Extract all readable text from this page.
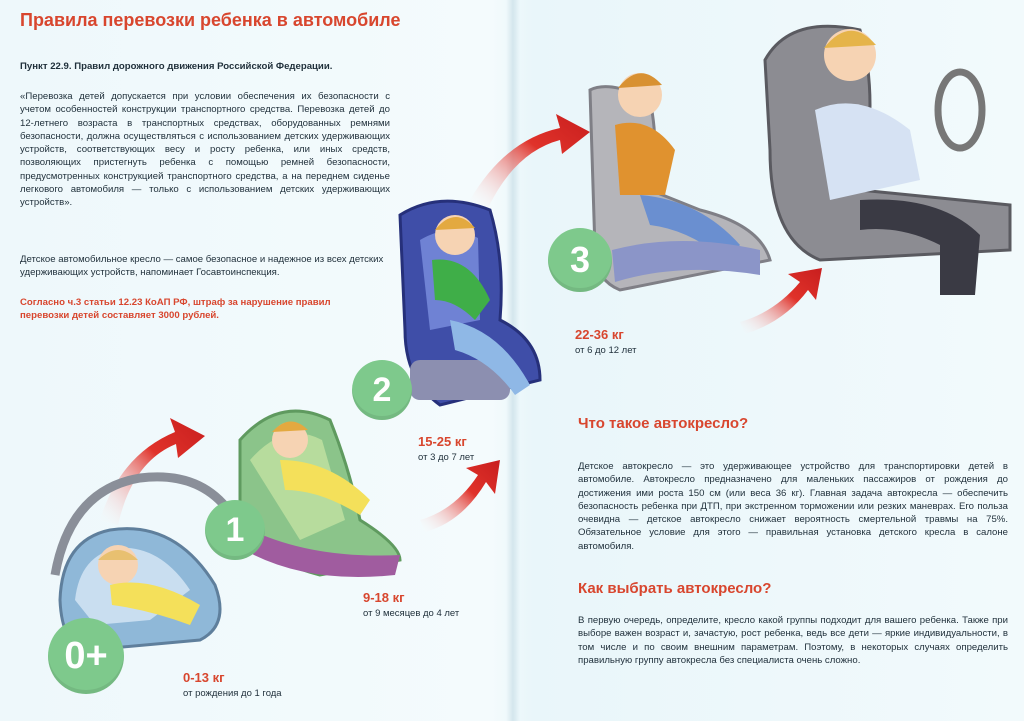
Правила перевозки ребенка в автомобиле

Пункт 22.9. Правил дорожного движения Российской Федерации.

«Перевозка детей допускается при условии обеспечения их безопасности с учетом особенностей конструкции транспортного средства. Перевозка детей до 12-летнего возраста в транспортных средствах, оборудованных ремнями безопасности, должна осуществляться с использованием детских удерживающих устройств, соответствующих весу и росту ребенка, или иных средств, позволяющих пристегнуть ребенка с помощью ремней безопасности, предусмотренных конструкцией транспортного средства, а на переднем сиденье легкового автомобиля — только с использованием детских удерживающих устройств».

Детское автомобильное кресло — самое безопасное и надежное из всех детских удерживающих устройств, напоминает Госавтоинспекция.

Согласно ч.3 статьи 12.23 КоАП РФ, штраф за нарушение правил перевозки детей составляет 3000 рублей.

0+
1
2
3
0-13 кг
от рождения до 1 года
9-18 кг
от 9 месяцев до 4 лет
15-25 кг
от 3 до 7 лет
22-36 кг
от 6 до 12 лет
Что такое автокресло?

Детское автокресло — это удерживающее устройство для транспортировки детей в автомобиле. Автокресло предназначено для маленьких пассажиров от рождения до достижения ими роста 150 см (или веса 36 кг). Главная задача автокресла — обеспечить безопасность ребенка при ДТП, при экстренном торможении или резких маневрах. Его польза очевидна — детское автокресло снижает вероятность смертельной травмы на 75%. Обязательное условие для этого — правильная установка детского кресла в салоне автомобиля.

Как выбрать автокресло?

В первую очередь, определите, кресло какой группы подходит для вашего ребенка. Также при выборе важен возраст и, зачастую, рост ребенка, ведь все дети — яркие индивидуальности, в том числе и по своим внешним параметрам. Поэтому, в некоторых случаях определить правильную группу автокресла без специалиста очень сложно.
